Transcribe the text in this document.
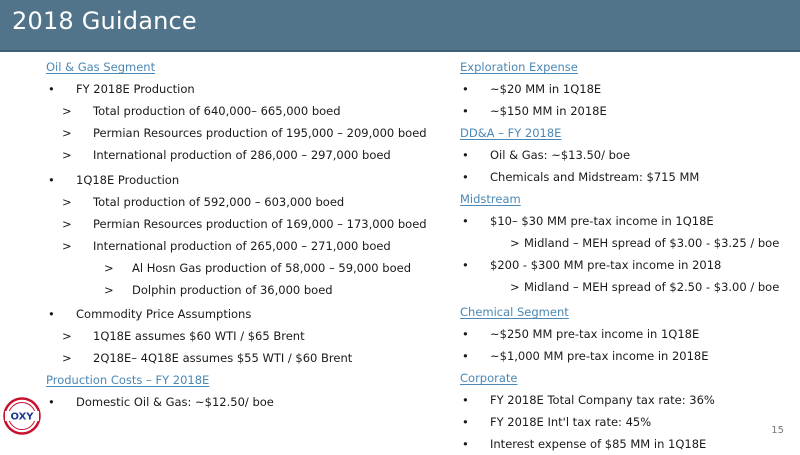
2018 Guidance
Oil & Gas Segment
• FY 2018E Production
> Total production of 640,000– 665,000 boed
> Permian Resources production of 195,000 – 209,000 boed
> International production of 286,000 – 297,000 boed
• 1Q18E Production
> Total production of 592,000 – 603,000 boed
> Permian Resources production of 169,000 – 173,000 boed
> International production of 265,000 – 271,000 boed
> Al Hosn Gas production of 58,000 – 59,000 boed
> Dolphin production of 36,000 boed
• Commodity Price Assumptions
> 1Q18E assumes $60 WTI / $65 Brent
> 2Q18E– 4Q18E assumes $55 WTI / $60 Brent
Production Costs – FY 2018E
• Domestic Oil & Gas: ~$12.50/ boe
Exploration Expense
• ~$20 MM in 1Q18E
• ~$150 MM in 2018E
DD&A – FY 2018E
• Oil & Gas: ~$13.50/ boe
• Chemicals and Midstream: $715 MM
Midstream
• $10– $30 MM pre-tax income in 1Q18E
> Midland – MEH spread of $3.00 - $3.25 / boe
• $200 - $300 MM pre-tax income in 2018
> Midland – MEH spread of $2.50 - $3.00 / boe
Chemical Segment
• ~$250 MM pre-tax income in 1Q18E
• ~$1,000 MM pre-tax income in 2018E
Corporate
• FY 2018E Total Company tax rate: 36%
• FY 2018E Int'l tax rate: 45%
• Interest expense of $85 MM in 1Q18E
15
OXY
